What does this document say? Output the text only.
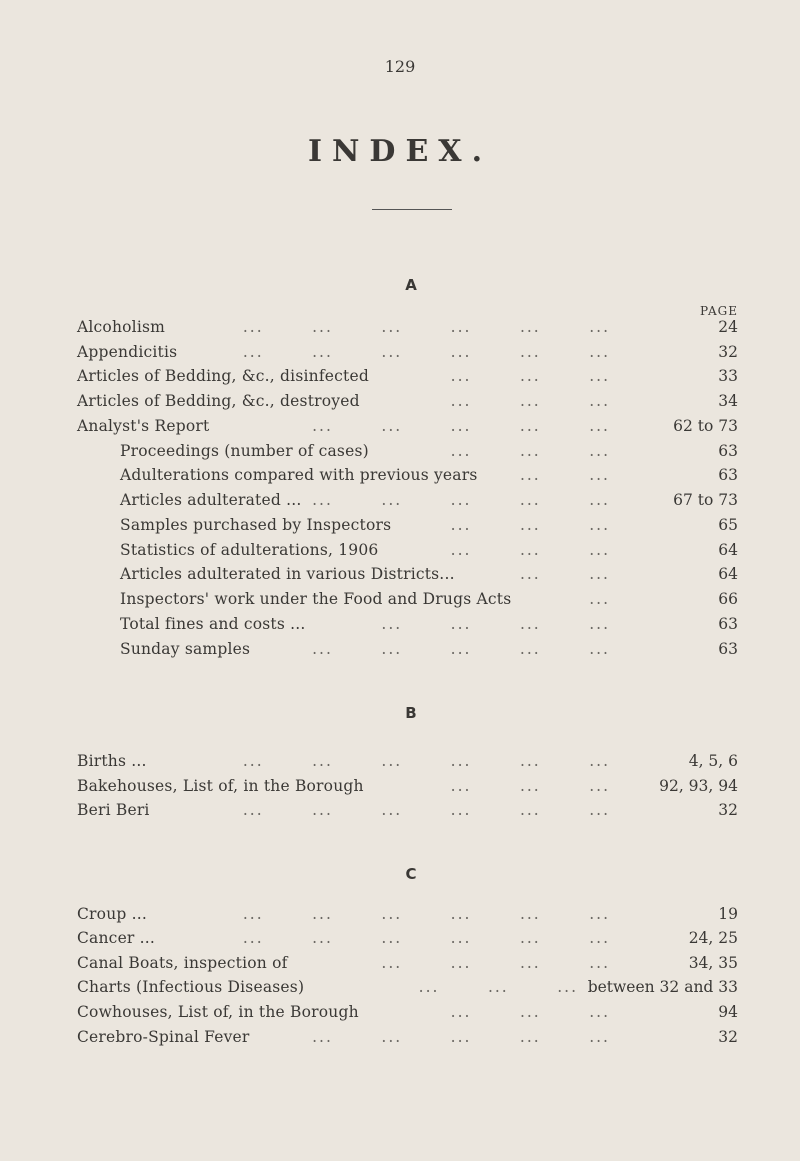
129
INDEX.
A
PAGE
Alcoholism	...       ...       ...       ...       ...       ...	24
Appendicitis	...       ...       ...       ...       ...       ...	32
Articles of Bedding, &c., disinfected	...       ...       ...	33
Articles of Bedding, &c., destroyed	...       ...       ...	34
Analyst's Report	...       ...       ...       ...       ...	62 to 73
Proceedings (number of cases)	...       ...       ...	63
Adulterations compared with previous years	...       ...	63
Articles adulterated ... ...       ...       ...       ...       ...	67 to 73
Samples purchased by Inspectors	...       ...       ...	65
Statistics of adulterations, 1906	...       ...       ...	64
Articles adulterated in various Districts...	...       ...	64
Inspectors' work under the Food and Drugs Acts	...	66
Total fines and costs ...	...       ...       ...       ...	63
Sunday samples	...       ...       ...       ...       ...	63
B
Births ...	...       ...       ...       ...       ...       ...	4, 5, 6
Bakehouses, List of, in the Borough	...       ...       ...	92, 93, 94
Beri Beri	...       ...       ...       ...       ...       ...	32
C
Croup ...	...       ...       ...       ...       ...       ...	19
Cancer ...	...       ...       ...       ...       ...       ...	24, 25
Canal Boats, inspection of	...       ...       ...       ...	34, 35
Charts (Infectious Diseases)	...       ...       ... between 32 and 33
Cowhouses, List of, in the Borough	...       ...       ...	94
Cerebro-Spinal Fever	...       ...       ...       ...       ...	32
